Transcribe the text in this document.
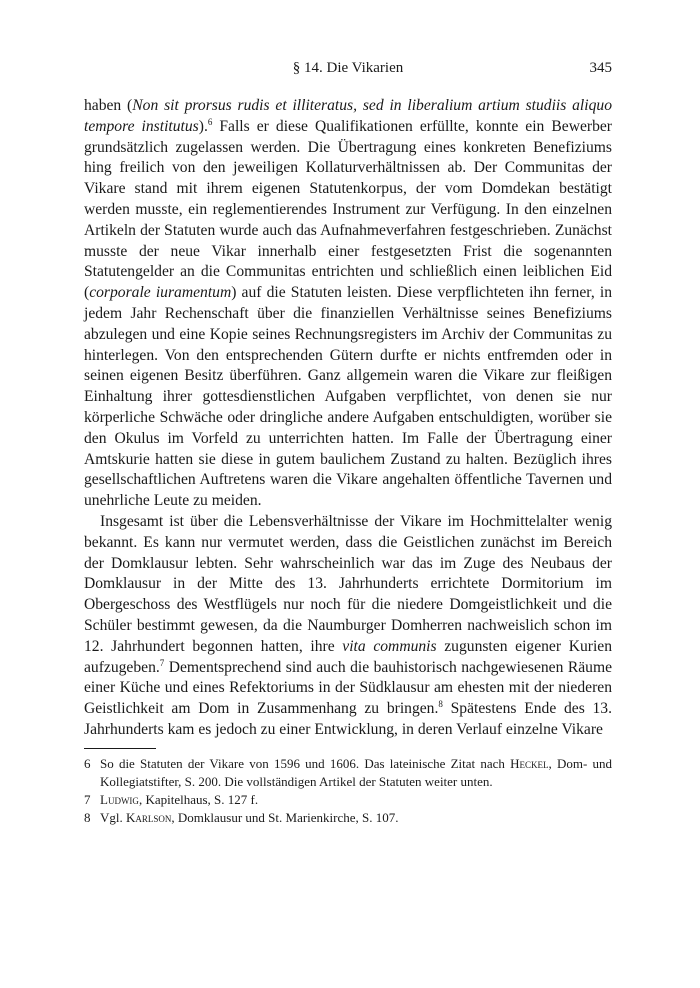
§ 14. Die Vikarien	345

haben (Non sit prorsus rudis et illiteratus, sed in liberalium artium studiis aliquo tempore institutus).$^6$ Falls er diese Qualifikationen erfüllte, konnte ein Bewerber grundsätzlich zugelassen werden. Die Übertragung eines konkreten Benefiziums hing freilich von den jeweiligen Kollaturverhältnissen ab. Der Communitas der Vikare stand mit ihrem eigenen Statutenkorpus, der vom Domdekan bestätigt werden musste, ein reglementierendes Instrument zur Verfügung. In den einzelnen Artikeln der Statuten wurde auch das Aufnahmeverfahren festgeschrieben. Zunächst musste der neue Vikar innerhalb einer festgesetzten Frist die sogenannten Statutengelder an die Communitas entrichten und schließlich einen leiblichen Eid (corporale iuramentum) auf die Statuten leisten. Diese verpflichteten ihn ferner, in jedem Jahr Rechenschaft über die finanziellen Verhältnisse seines Benefiziums abzulegen und eine Kopie seines Rechnungsregisters im Archiv der Communitas zu hinterlegen. Von den entsprechenden Gütern durfte er nichts entfremden oder in seinen eigenen Besitz überführen. Ganz allgemein waren die Vikare zur fleißigen Einhaltung ihrer gottesdienstlichen Aufgaben verpflichtet, von denen sie nur körperliche Schwäche oder dringliche andere Aufgaben entschuldigten, worüber sie den Okulus im Vorfeld zu unterrichten hatten. Im Falle der Übertragung einer Amtskurie hatten sie diese in gutem baulichem Zustand zu halten. Bezüglich ihres gesellschaftlichen Auftretens waren die Vikare angehalten öffentliche Tavernen und unehrliche Leute zu meiden.

Insgesamt ist über die Lebensverhältnisse der Vikare im Hochmittelalter wenig bekannt. Es kann nur vermutet werden, dass die Geistlichen zunächst im Bereich der Domklausur lebten. Sehr wahrscheinlich war das im Zuge des Neubaus der Domklausur in der Mitte des 13. Jahrhunderts errichtete Dormitorium im Obergeschoss des Westflügels nur noch für die niedere Domgeistlichkeit und die Schüler bestimmt gewesen, da die Naumburger Domherren nachweislich schon im 12. Jahrhundert begonnen hatten, ihre vita communis zugunsten eigener Kurien aufzugeben.$^7$ Dementsprechend sind auch die bauhistorisch nachgewiesenen Räume einer Küche und eines Refektoriums in der Südklausur am ehesten mit der niederen Geistlichkeit am Dom in Zusammenhang zu bringen.$^8$ Spätestens Ende des 13. Jahrhunderts kam es jedoch zu einer Entwicklung, in deren Verlauf einzelne Vikare

6 So die Statuten der Vikare von 1596 und 1606. Das lateinische Zitat nach Heckel, Dom- und Kollegiatstifter, S. 200. Die vollständigen Artikel der Statuten weiter unten.
7 Ludwig, Kapitelhaus, S. 127 f.
8 Vgl. Karlson, Domklausur und St. Marienkirche, S. 107.
